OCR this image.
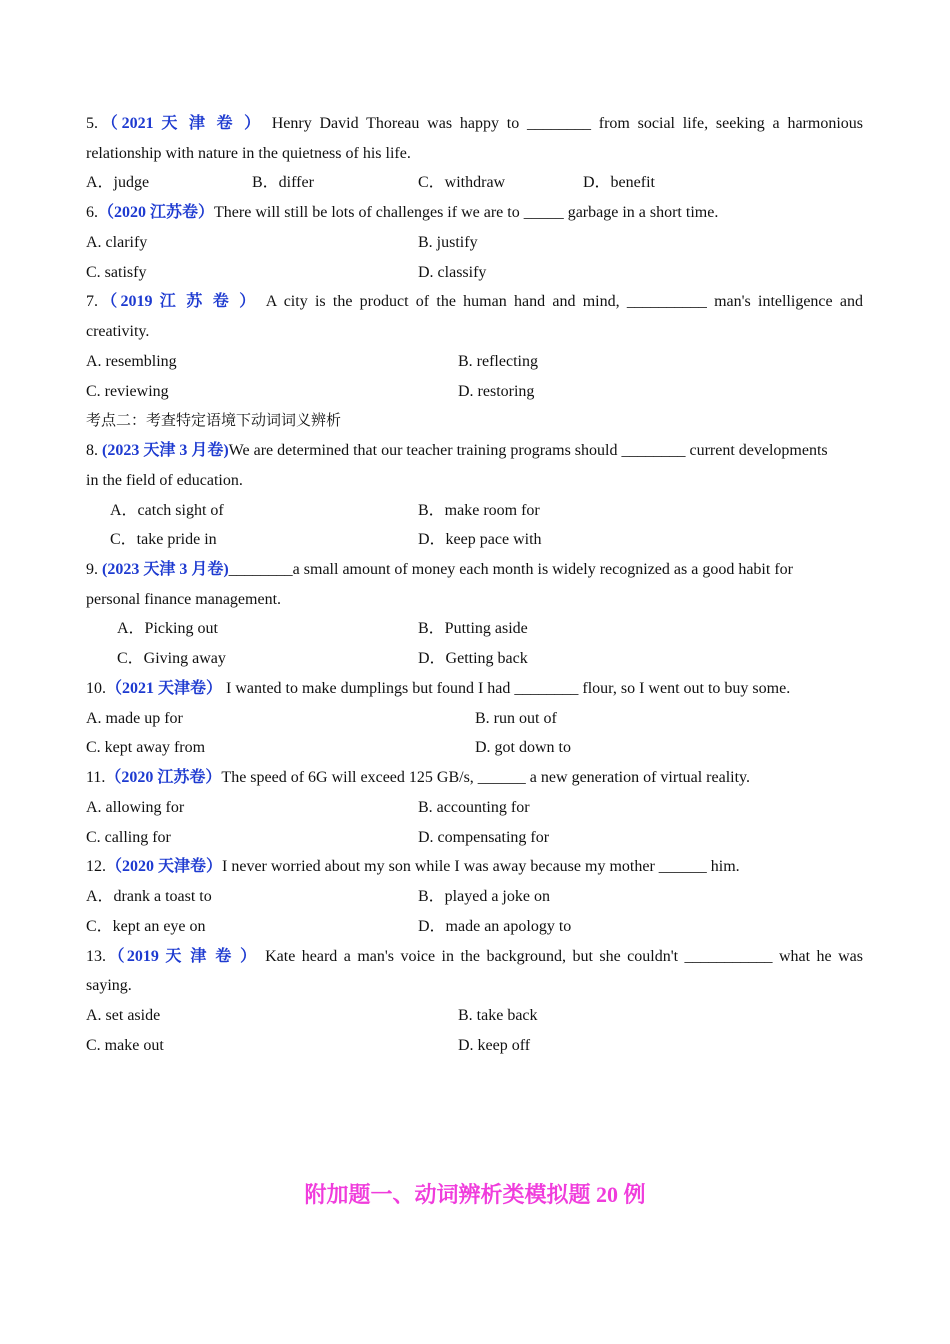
5.（2021 天 津 卷 ） Henry David Thoreau was happy to ________ from social life, seeking a harmonious
relationship with nature in the quietness of his life.
A．judge	B．differ	C．withdraw	D．benefit
6.（2020 江苏卷）There will still be lots of challenges if we are to _____ garbage in a short time.
A. clarify	B. justify
C. satisfy	D. classify
7.（2019 江 苏 卷 ） A city is the product of the human hand and mind, __________ man's intelligence and
creativity.
A. resembling	B. reflecting
C. reviewing	D. restoring
考点二：考查特定语境下动词词义辨析
8. (2023 天津 3 月卷)We are determined that our teacher training programs should ________ current developments
in the field of education.
A．catch sight of	B．make room for
C．take pride in	D．keep pace with
9. (2023 天津 3 月卷)________a small amount of money each month is widely recognized as a good habit for
personal finance management.
A．Picking out	B．Putting aside
C．Giving away	D．Getting back
10.（2021 天津卷） I wanted to make dumplings but found I had ________ flour, so I went out to buy some.
A. made up for	B. run out of
C. kept away from	D. got down to
11.（2020 江苏卷）The speed of 6G will exceed 125 GB/s, ______ a new generation of virtual reality.
A. allowing for	B. accounting for
C. calling for	D. compensating for
12.（2020 天津卷）I never worried about my son while I was away because my mother ______ him.
A．drank a toast to	B．played a joke on
C．kept an eye on	D．made an apology to
13.（2019 天 津 卷 ） Kate heard a man's voice in the background, but she couldn't ___________ what he was
saying.
A. set aside	B. take back
C. make out	D. keep off
附加题一、动词辨析类模拟题 20 例
